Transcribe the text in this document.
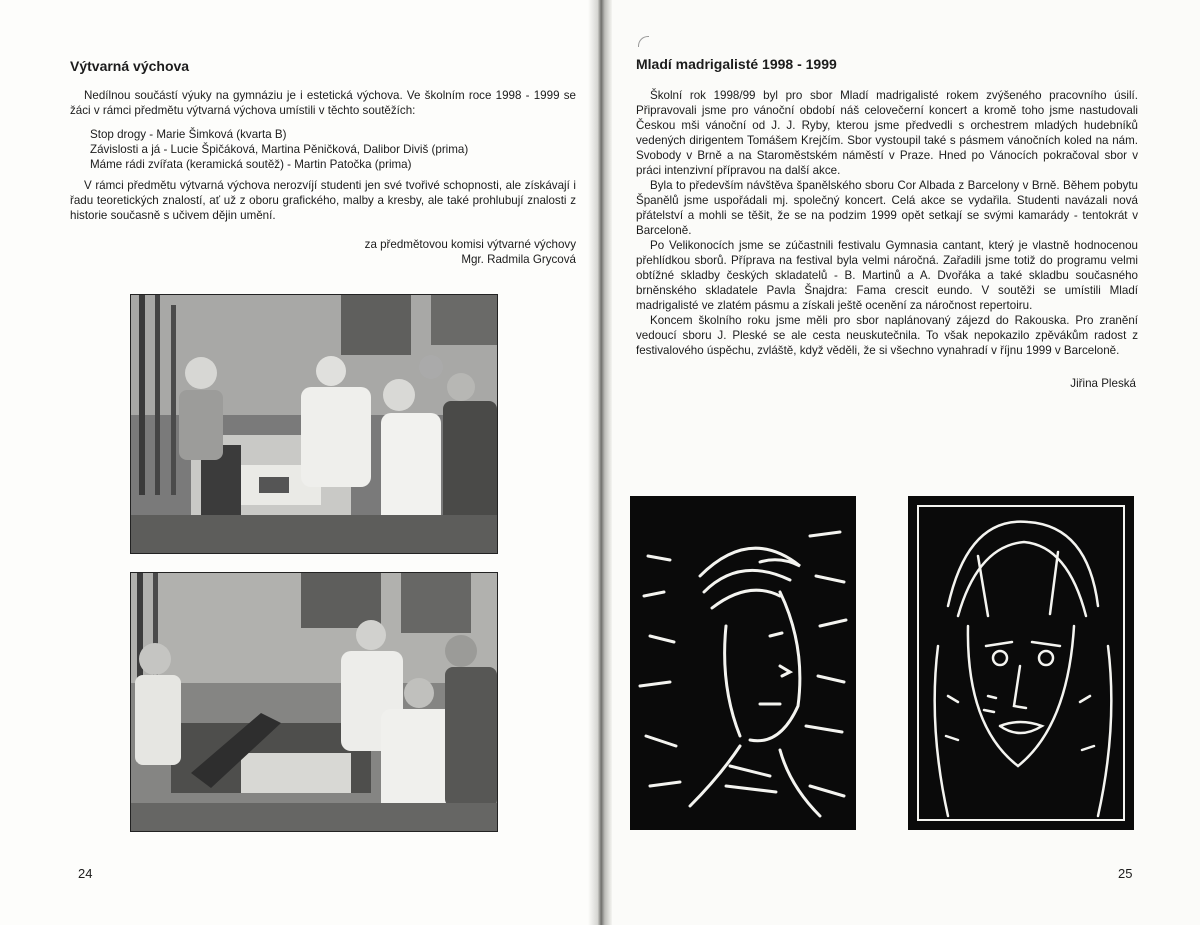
Výtvarná výchova

Nedílnou součástí výuky na gymnáziu je i estetická výchova. Ve školním roce 1998 - 1999 se žáci v rámci předmětu výtvarná výchova umístili v těchto soutěžích:

Stop drogy - Marie Šimková (kvarta B)

Závislosti a já - Lucie Špičáková, Martina Pěničková, Dalibor Diviš (prima)

Máme rádi zvířata (keramická soutěž) - Martin Patočka (prima)

V rámci předmětu výtvarná výchova nerozvíjí studenti jen své tvořivé schopnosti, ale získávají i řadu teoretických znalostí, ať už z oboru grafického, malby a kresby, ale také prohlubují znalosti z historie současně s učivem dějin umění.

za předmětovou komisi výtvarné výchovy

Mgr. Radmila Grycová

24
Mladí madrigalisté 1998 - 1999

Školní rok 1998/99 byl pro sbor Mladí madrigalisté rokem zvýšeného pracovního úsilí. Připravovali jsme pro vánoční období náš celovečerní koncert a kromě toho jsme nastudovali Českou mši vánoční od J. J. Ryby, kterou jsme předvedli s orchestrem mladých hudebníků vedených dirigentem Tomášem Krejčím. Sbor vystoupil také s pásmem vánočních koled na nám. Svobody v Brně a na Staroměstském náměstí v Praze. Hned po Vánocích pokračoval sbor v práci intenzivní přípravou na další akce.

Byla to především návštěva španělského sboru Cor Albada z Barcelony v Brně. Během pobytu Španělů jsme uspořádali mj. společný koncert. Celá akce se vydařila. Studenti navázali nová přátelství a mohli se těšit, že se na podzim 1999 opět setkají se svými kamarády - tentokrát v Barceloně.

Po Velikonocích jsme se zúčastnili festivalu Gymnasia cantant, který je vlastně hodnocenou přehlídkou sborů. Příprava na festival byla velmi náročná. Zařadili jsme totiž do programu velmi obtížné skladby českých skladatelů - B. Martinů a A. Dvořáka a také skladbu současného brněnského skladatele Pavla Šnajdra: Fama crescit eundo. V soutěži se umístili Mladí madrigalisté ve zlatém pásmu a získali ještě ocenění za náročnost repertoiru.

Koncem školního roku jsme měli pro sbor naplánovaný zájezd do Rakouska. Pro zranění vedoucí sboru J. Pleské se ale cesta neuskutečnila. To však nepokazilo zpěvákům radost z festivalového úspěchu, zvláště, když věděli, že si všechno vynahradí v říjnu 1999 v Barceloně.

Jiřina Pleská
25
